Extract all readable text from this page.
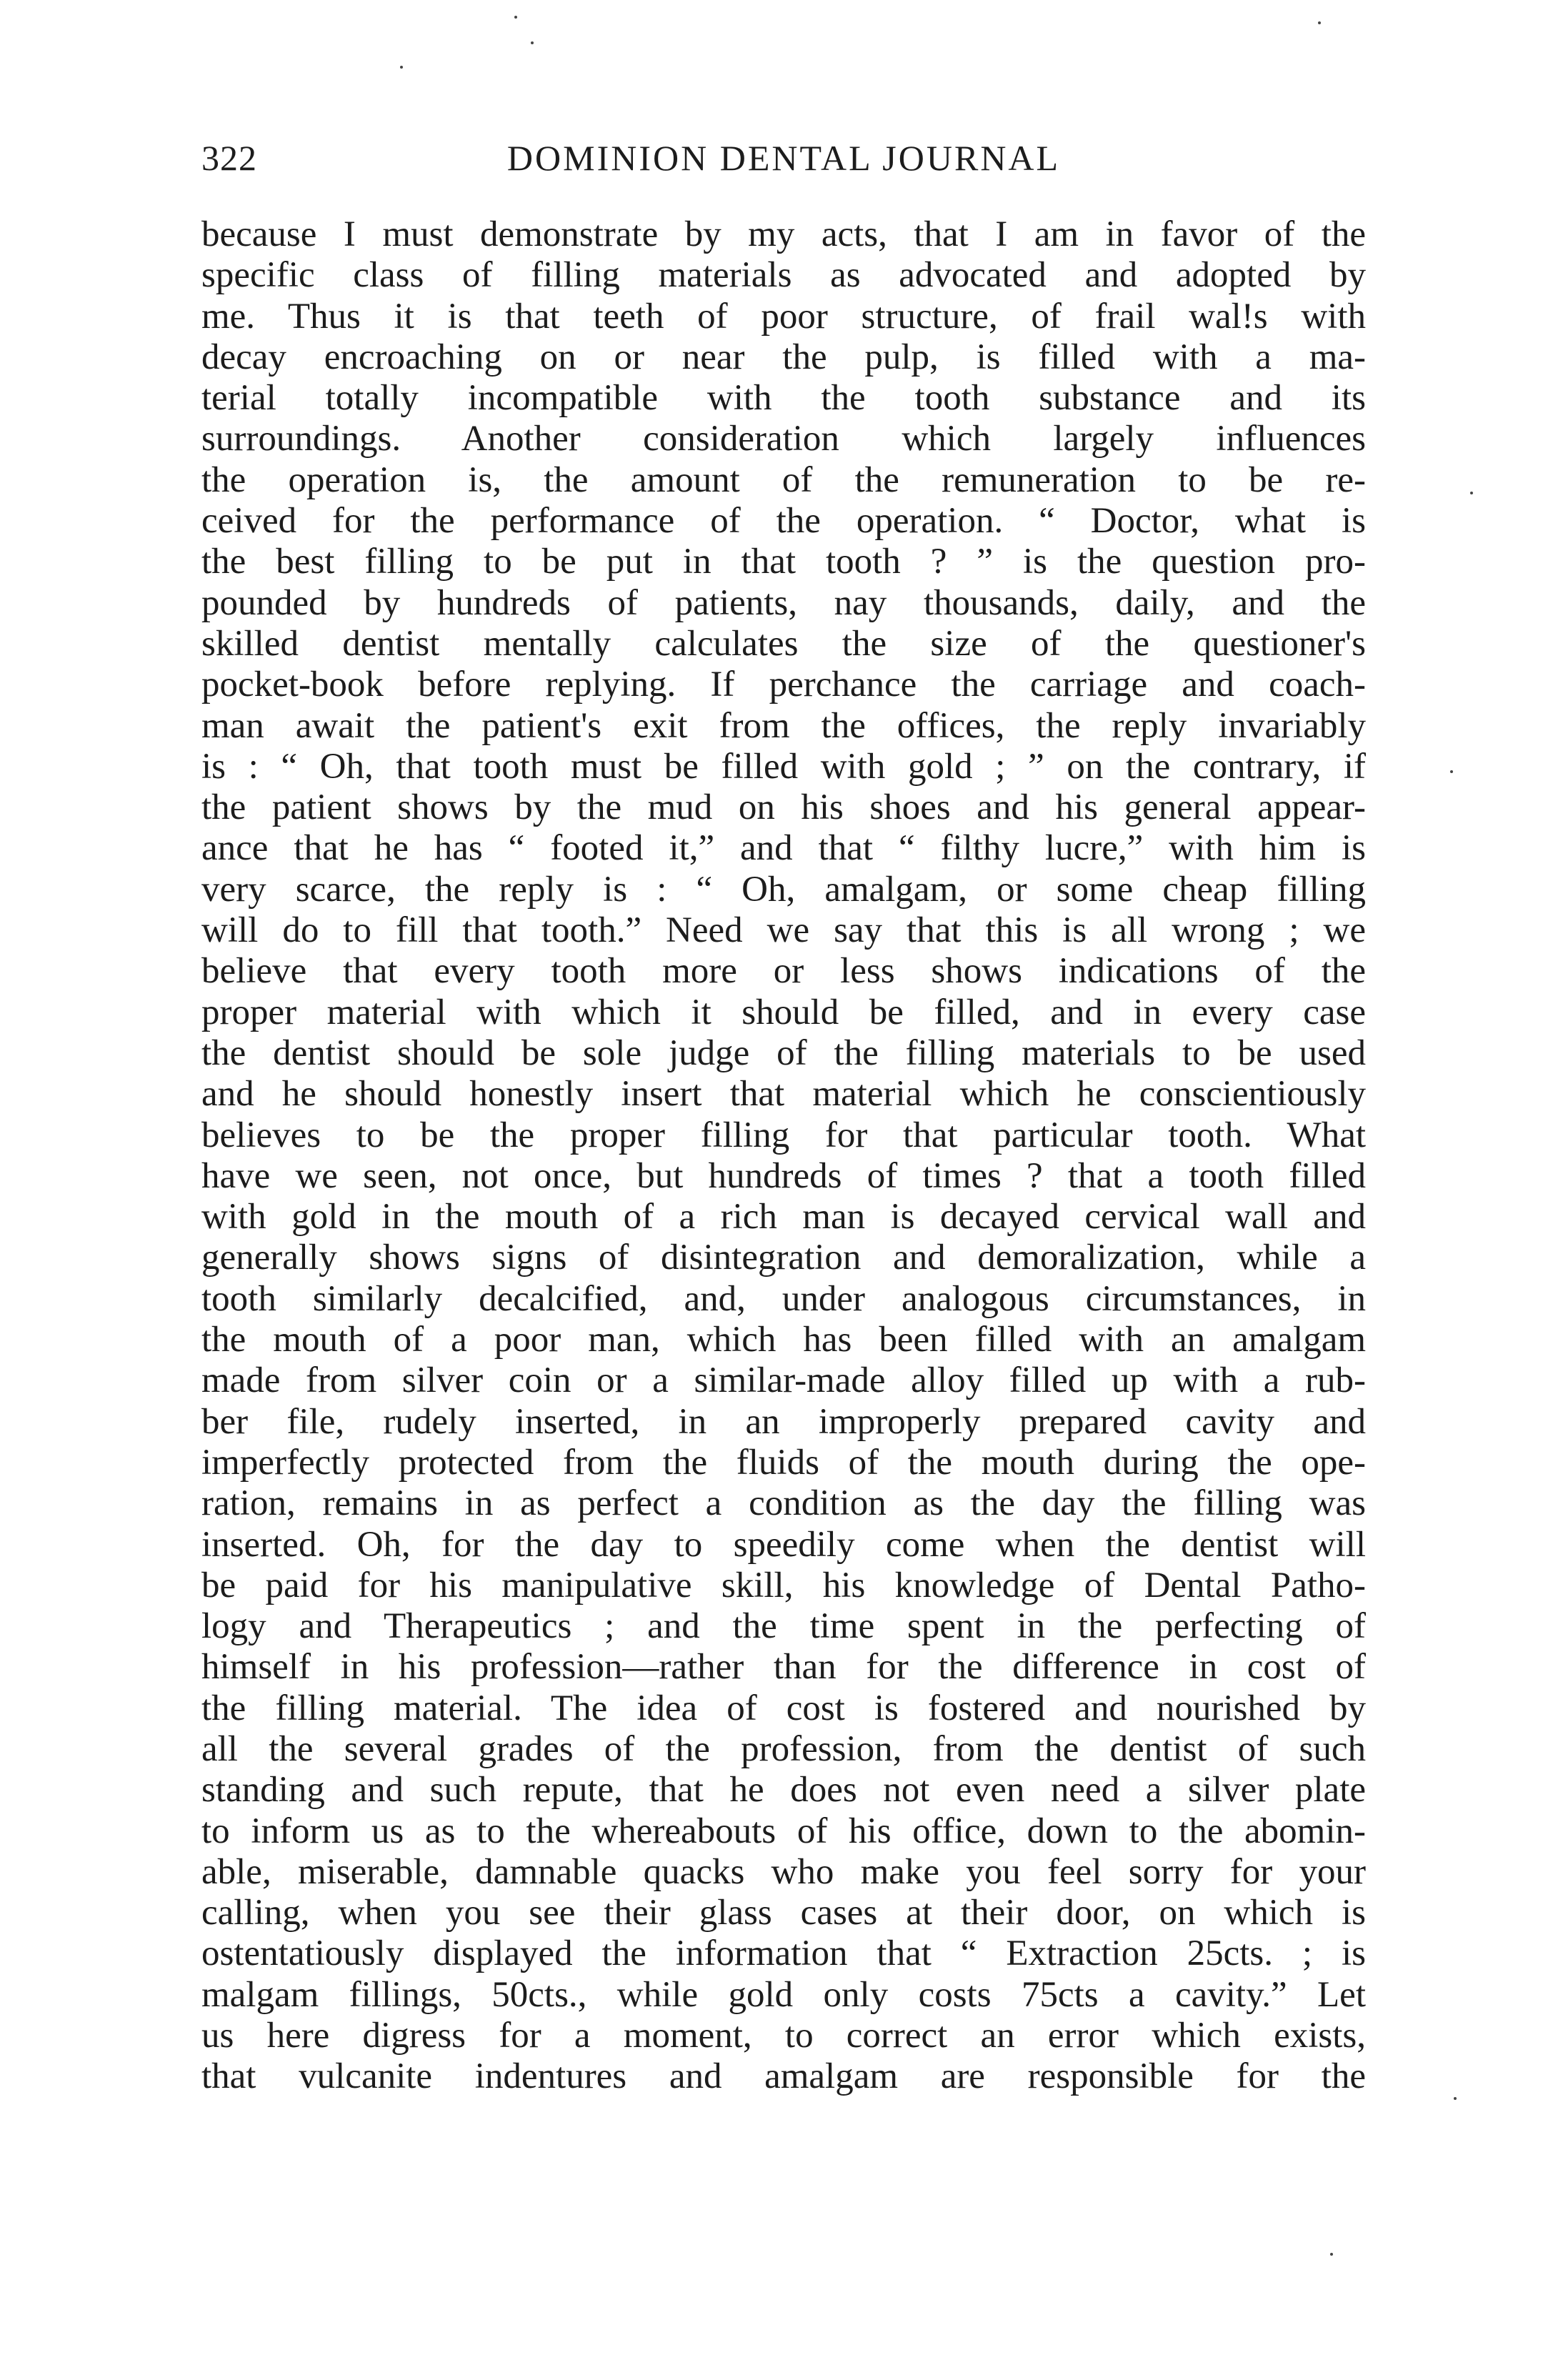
322	DOMINION DENTAL JOURNAL
because I must demonstrate by my acts, that I am in favor of the
specific class of filling materials as advocated and adopted by
me. Thus it is that teeth of poor structure, of frail wal!s with
decay encroaching on or near the pulp, is filled with a ma-
terial totally incompatible with the tooth substance and its
surroundings. Another consideration which largely influences
the operation is, the amount of the remuneration to be re-
ceived for the performance of the operation. “ Doctor, what is
the best filling to be put in that tooth ? ” is the question pro-
pounded by hundreds of patients, nay thousands, daily, and the
skilled dentist mentally calculates the size of the questioner's
pocket-book before replying. If perchance the carriage and coach-
man await the patient's exit from the offices, the reply invariably
is : “ Oh, that tooth must be filled with gold ; ” on the contrary, if
the patient shows by the mud on his shoes and his general appear-
ance that he has “ footed it,” and that “ filthy lucre,” with him is
very scarce, the reply is : “ Oh, amalgam, or some cheap filling
will do to fill that tooth.” Need we say that this is all wrong ; we
believe that every tooth more or less shows indications of the
proper material with which it should be filled, and in every case
the dentist should be sole judge of the filling materials to be used
and he should honestly insert that material which he conscientiously
believes to be the proper filling for that particular tooth. What
have we seen, not once, but hundreds of times ? that a tooth filled
with gold in the mouth of a rich man is decayed cervical wall and
generally shows signs of disintegration and demoralization, while a
tooth similarly decalcified, and, under analogous circumstances, in
the mouth of a poor man, which has been filled with an amalgam
made from silver coin or a similar-made alloy filled up with a rub-
ber file, rudely inserted, in an improperly prepared cavity and
imperfectly protected from the fluids of the mouth during the ope-
ration, remains in as perfect a condition as the day the filling was
inserted. Oh, for the day to speedily come when the dentist will
be paid for his manipulative skill, his knowledge of Dental Patho-
logy and Therapeutics ; and the time spent in the perfecting of
himself in his profession—rather than for the difference in cost of
the filling material. The idea of cost is fostered and nourished by
all the several grades of the profession, from the dentist of such
standing and such repute, that he does not even need a silver plate
to inform us as to the whereabouts of his office, down to the abomin-
able, miserable, damnable quacks who make you feel sorry for your
calling, when you see their glass cases at their door, on which is
ostentatiously displayed the information that “ Extraction 25cts. ; is
malgam fillings, 50cts., while gold only costs 75cts a cavity.” Let
us here digress for a moment, to correct an error which exists,
that vulcanite indentures and amalgam are responsible for the
